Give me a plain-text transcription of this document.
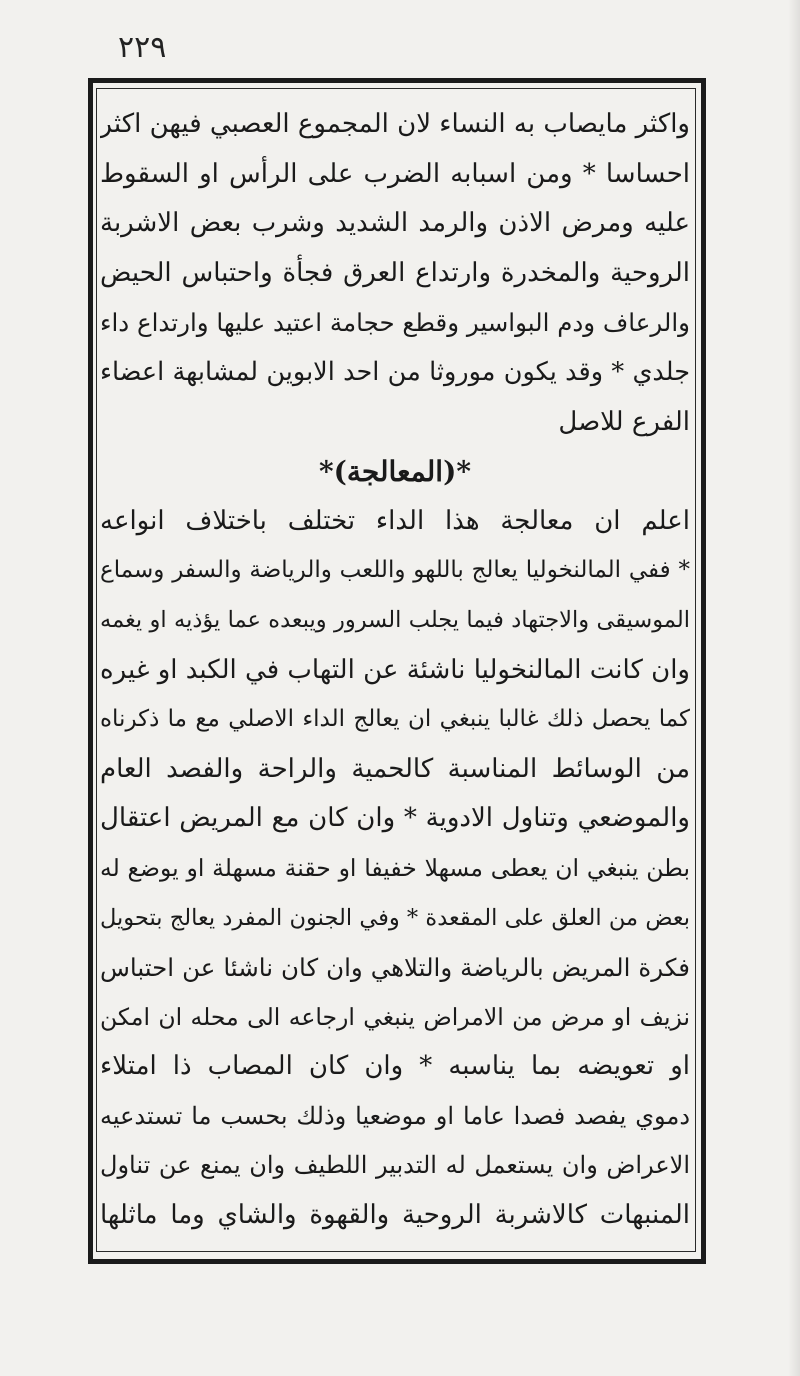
٢٢٩
واكثر مايصاب به النساء لان المجموع العصبي فيهن اكثر
احساسا * ومن اسبابه الضرب على الرأس او السقوط
عليه ومرض الاذن والرمد الشديد وشرب بعض الاشربة
الروحية والمخدرة وارتداع العرق فجأة واحتباس الحيض
والرعاف ودم البواسير وقطع حجامة اعتيد عليها وارتداع داء
جلدي * وقد يكون موروثا من احد الابوين لمشابهة اعضاء
الفرع للاصل
*(المعالجة)*
اعلم ان معالجة هذا الداء تختلف باختلاف انواعه
* ففي المالنخوليا يعالج باللهو واللعب والرياضة والسفر وسماع
الموسيقى والاجتهاد فيما يجلب السرور ويبعده عما يؤذيه او يغمه
وان كانت المالنخوليا ناشئة عن التهاب في الكبد او غيره
كما يحصل ذلك غالبا ينبغي ان يعالج الداء الاصلي مع ما ذكرناه
من الوسائط المناسبة كالحمية والراحة والفصد العام
والموضعي وتناول الادوية * وان كان مع المريض اعتقال
بطن ينبغي ان يعطى مسهلا خفيفا او حقنة مسهلة او يوضع له
بعض من العلق على المقعدة * وفي الجنون المفرد يعالج بتحويل
فكرة المريض بالرياضة والتلاهي وان كان ناشئا عن احتباس
نزيف او مرض من الامراض ينبغي ارجاعه الى محله ان امكن
او تعويضه بما يناسبه * وان كان المصاب ذا امتلاء
دموي يفصد فصدا عاما او موضعيا وذلك بحسب ما تستدعيه
الاعراض وان يستعمل له التدبير اللطيف وان يمنع عن تناول
المنبهات كالاشربة الروحية والقهوة والشاي وما ماثلها
